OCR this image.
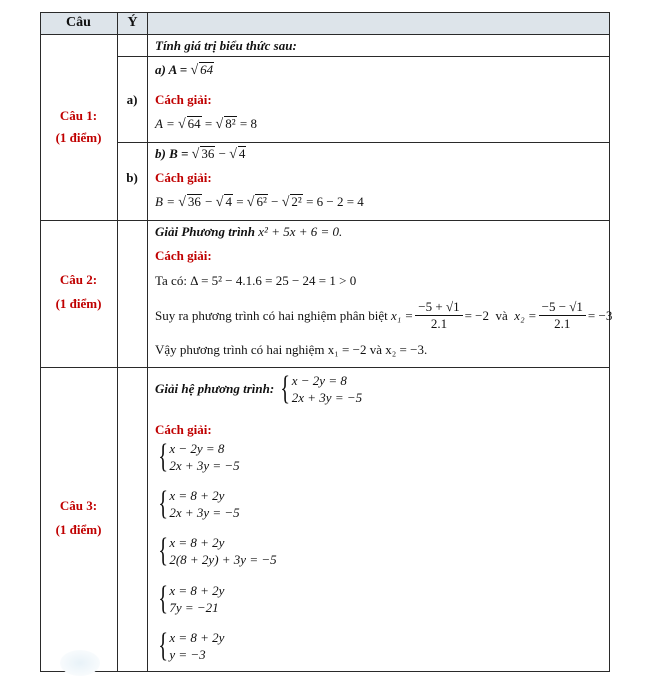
Câu	Ý
Câu 1:
(1 điểm)
Tính giá trị biểu thức sau:
a)
a) A = √ 64
Cách giải:
A = √ 64 = √ 8² = 8
b)
b) B = √ 36 − √ 4
Cách giải:
B = √ 36 − √ 4 = √ 6² − √ 2² = 6 − 2 = 4
Câu 2:
(1 điểm)
Giải Phương trình x² + 5x + 6 = 0.
Cách giải:
Ta có: Δ = 5² − 4.1.6 = 25 − 24 = 1 > 0
Suy ra phương trình có hai nghiệm phân biệt
$x_1 = \frac{-5 + √1}{2.1} = -2$
và
$x_2 = \frac{-5 - √1}{2.1} = -3$
Vậy phương trình có hai nghiệm x₁ = −2 và x₂ = −3.
Câu 3:
(1 điểm)
Giải hệ phương trình:
{ x − 2y = 8
2x + 3y = −5
Cách giải:
{ x − 2y = 8
2x + 3y = −5
{ x = 8 + 2y
2x + 3y = −5
{ x = 8 + 2y
2(8 + 2y) + 3y = −5
{ x = 8 + 2y
7y = −21
{ x = 8 + 2y
y = −3
